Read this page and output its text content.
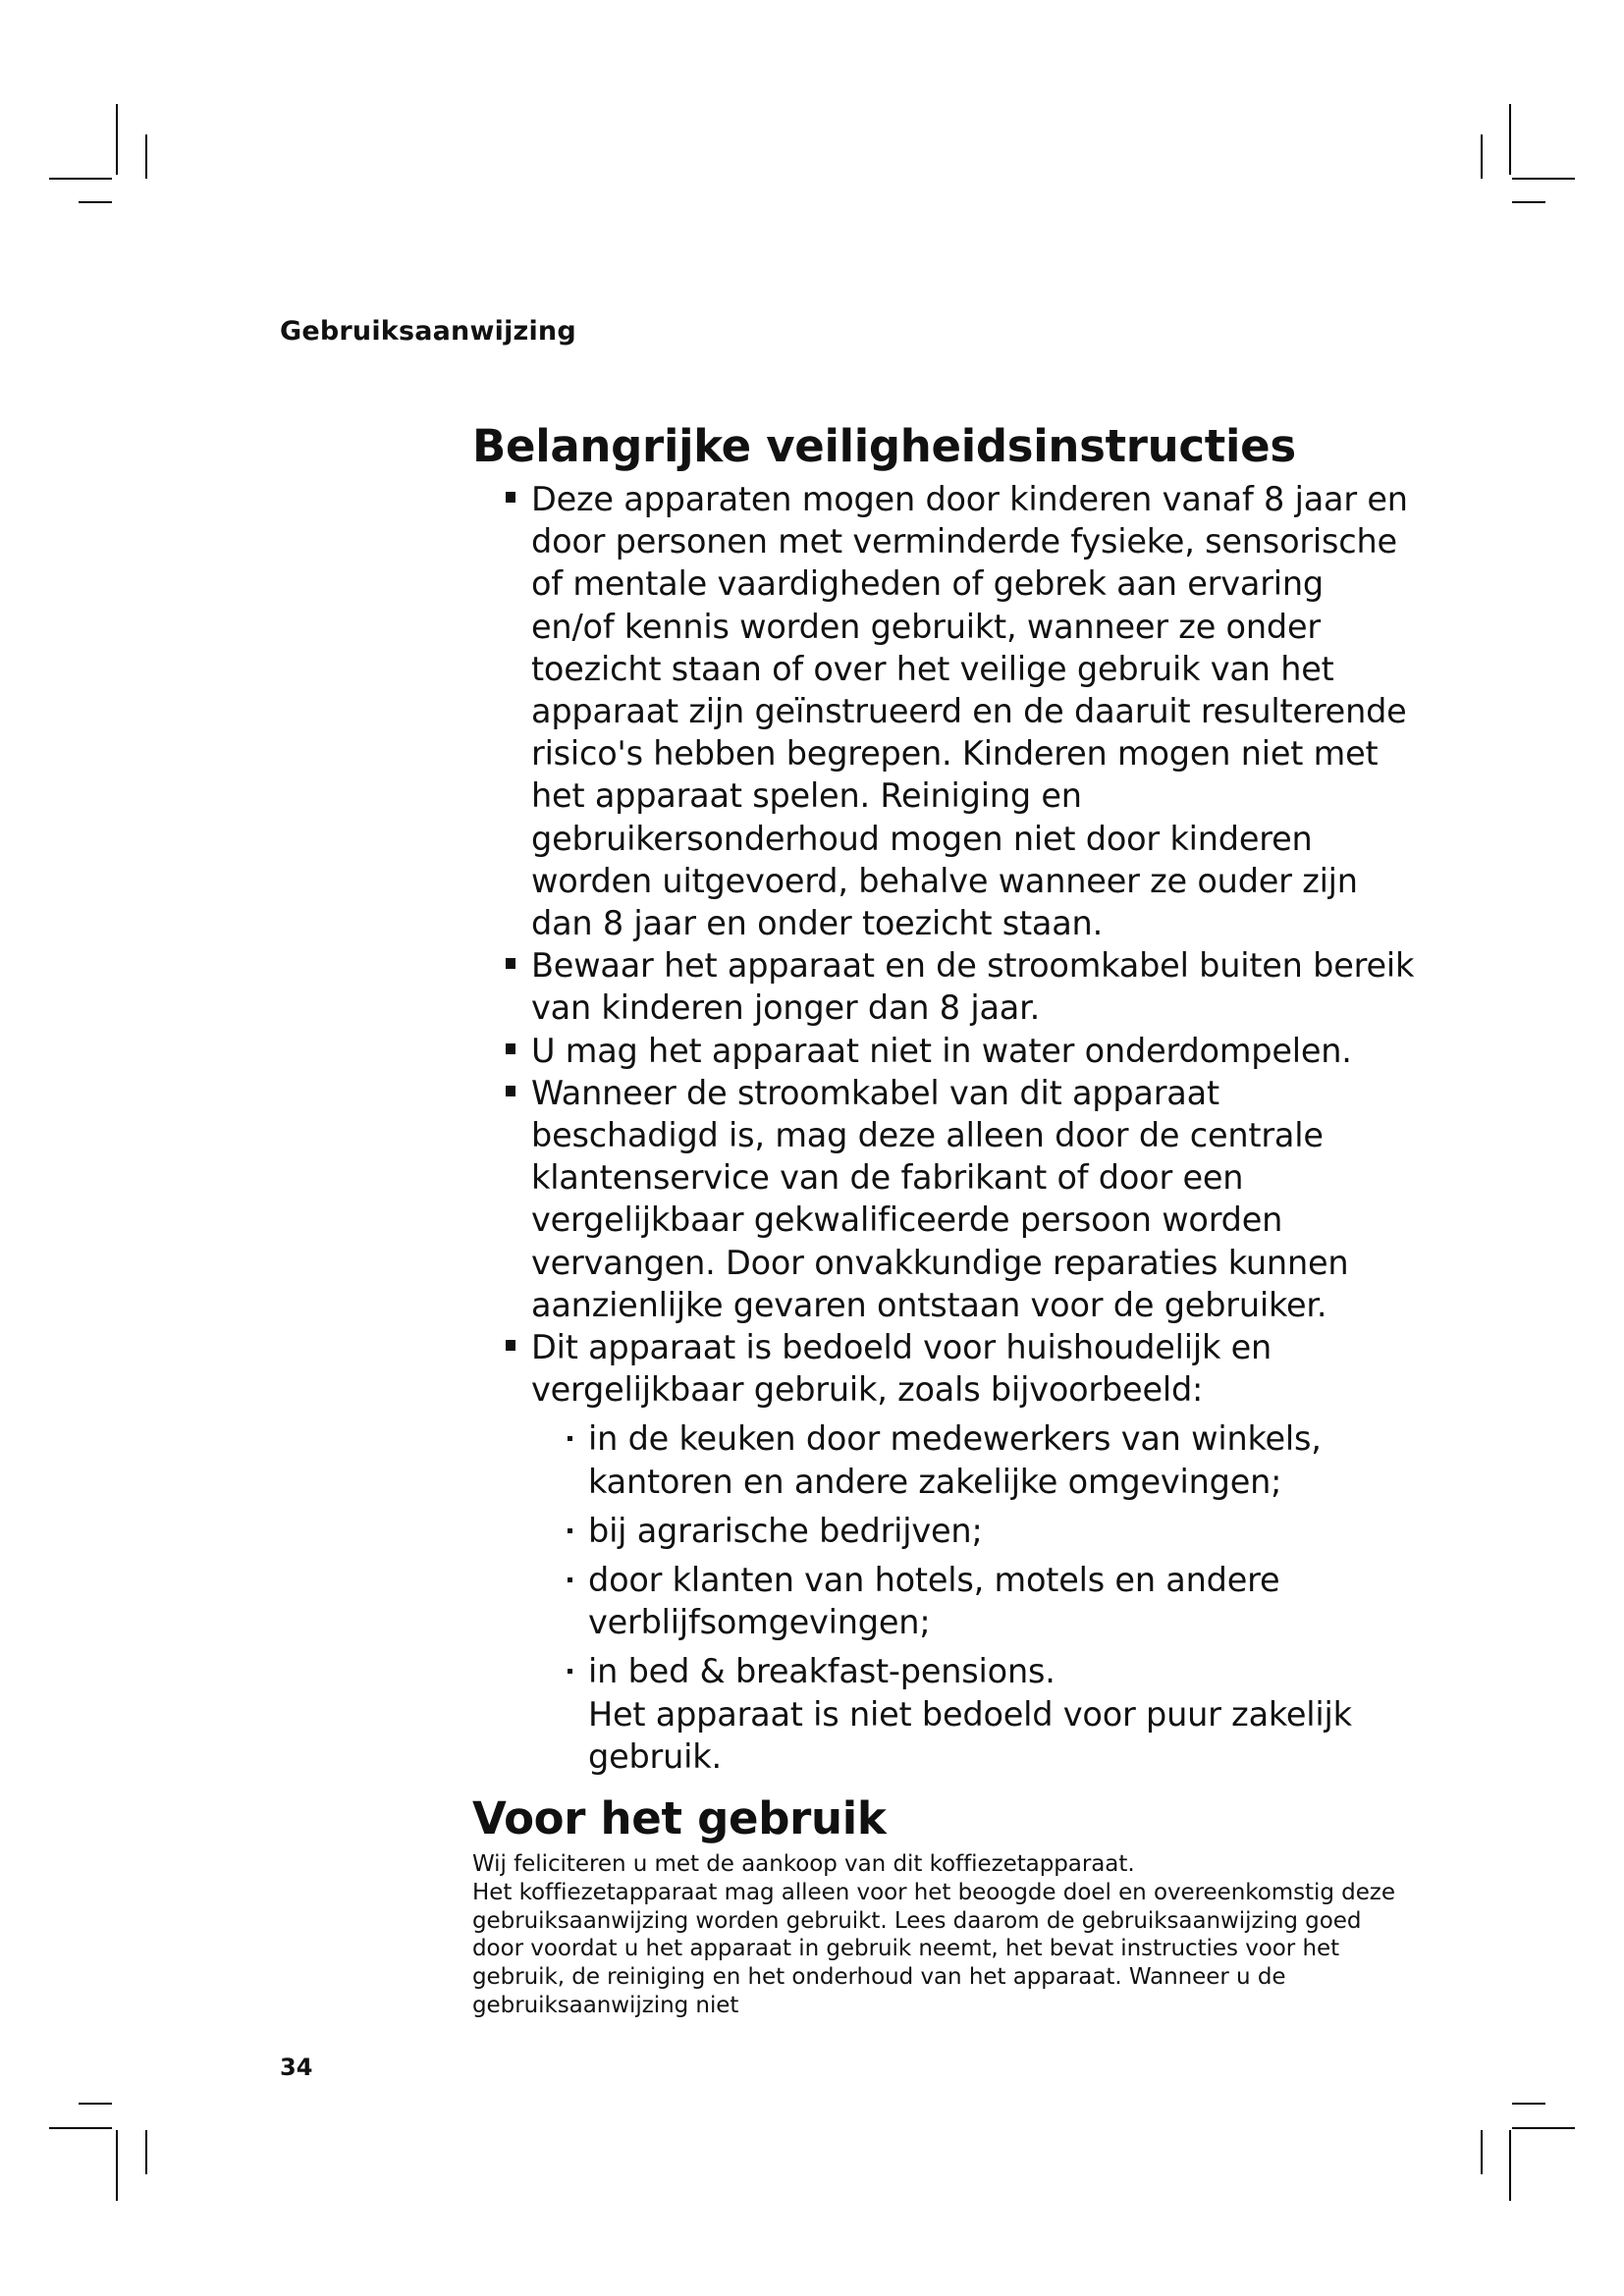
Gebruiksaanwijzing

Belangrijke veiligheidsinstructies
Deze apparaten mogen door kinderen vanaf 8 jaar en door personen met verminderde fysieke, sensorische of mentale vaardigheden of gebrek aan ervaring en/of kennis worden gebruikt, wanneer ze onder toezicht staan of over het veilige gebruik van het apparaat zijn geïnstrueerd en de daaruit resulterende risico's hebben begrepen. Kinderen mogen niet met het apparaat spelen. Reiniging en gebruikersonderhoud mogen niet door kinderen worden uitgevoerd, behalve wanneer ze ouder zijn dan 8 jaar en onder toezicht staan.
Bewaar het apparaat en de stroomkabel buiten bereik van kinderen jonger dan 8 jaar.
U mag het apparaat niet in water onderdompelen.
Wanneer de stroomkabel van dit apparaat beschadigd is, mag deze alleen door de centrale klantenservice van de fabrikant of door een vergelijkbaar gekwalificeerde persoon worden vervangen. Door onvakkundige reparaties kunnen aanzienlijke gevaren ontstaan voor de gebruiker.
Dit apparaat is bedoeld voor huishoudelijk en vergelijkbaar gebruik, zoals bijvoorbeeld:
in de keuken door medewerkers van winkels, kantoren en andere zakelijke omgevingen;
bij agrarische bedrijven;
door klanten van hotels, motels en andere verblijfsomgevingen;
in bed & breakfast-pensions.
Het apparaat is niet bedoeld voor puur zakelijk gebruik.
Voor het gebruik

Wij feliciteren u met de aankoop van dit koffiezetapparaat.

Het koffiezetapparaat mag alleen voor het beoogde doel en overeenkomstig deze gebruiksaanwijzing worden gebruikt. Lees daarom de gebruiksaanwijzing goed door voordat u het apparaat in gebruik neemt, het bevat instructies voor het gebruik, de reiniging en het onderhoud van het apparaat. Wanneer u de gebruiksaanwijzing niet

34
